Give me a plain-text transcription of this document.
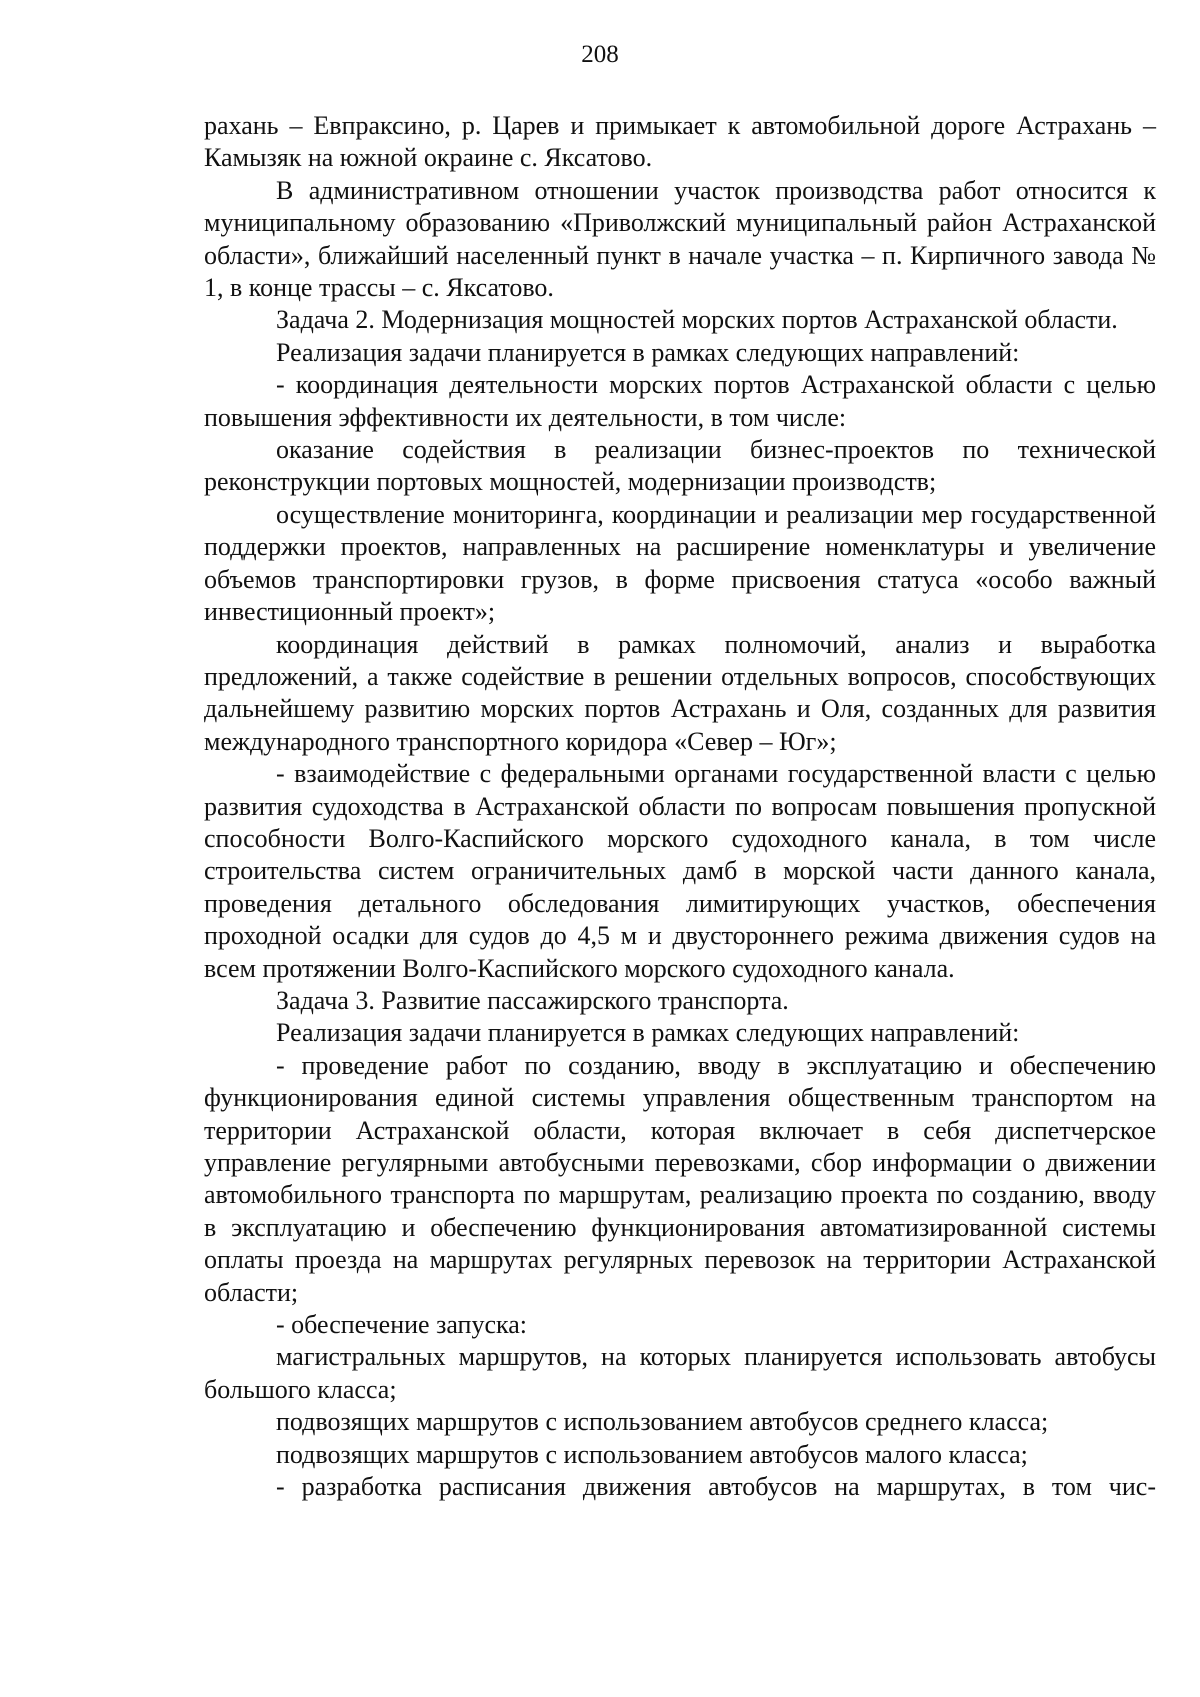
208

рахань – Евпраксино, р. Царев и примыкает к автомобильной дороге Астрахань – Камызяк на южной окраине с. Яксатово.

В административном отношении участок производства работ относится к муниципальному образованию «Приволжский муниципальный район Астраханской области», ближайший населенный пункт в начале участка – п. Кирпичного завода № 1, в конце трассы – с. Яксатово.

Задача 2. Модернизация мощностей морских портов Астраханской области.

Реализация задачи планируется в рамках следующих направлений:

- координация деятельности морских портов Астраханской области с целью повышения эффективности их деятельности, в том числе:

оказание содействия в реализации бизнес-проектов по технической реконструкции портовых мощностей, модернизации производств;

осуществление мониторинга, координации и реализации мер государственной поддержки проектов, направленных на расширение номенклатуры и увеличение объемов транспортировки грузов, в форме присвоения статуса «особо важный инвестиционный проект»;

координация действий в рамках полномочий, анализ и выработка предложений, а также содействие в решении отдельных вопросов, способствующих дальнейшему развитию морских портов Астрахань и Оля, созданных для развития международного транспортного коридора «Север – Юг»;

- взаимодействие с федеральными органами государственной власти с целью развития судоходства в Астраханской области по вопросам повышения пропускной способности Волго-Каспийского морского судоходного канала, в том числе строительства систем ограничительных дамб в морской части данного канала, проведения детального обследования лимитирующих участков, обеспечения проходной осадки для судов до 4,5 м и двустороннего режима движения судов на всем протяжении Волго-Каспийского морского судоходного канала.

Задача 3. Развитие пассажирского транспорта.

Реализация задачи планируется в рамках следующих направлений:

- проведение работ по созданию, вводу в эксплуатацию и обеспечению функционирования единой системы управления общественным транспортом на территории Астраханской области, которая включает в себя диспетчерское управление регулярными автобусными перевозками, сбор информации о движении автомобильного транспорта по маршрутам, реализацию проекта по созданию, вводу в эксплуатацию и обеспечению функционирования автоматизированной системы оплаты проезда на маршрутах регулярных перевозок на территории Астраханской области;

- обеспечение запуска:

магистральных маршрутов, на которых планируется использовать автобусы большого класса;

подвозящих маршрутов с использованием автобусов среднего класса;

подвозящих маршрутов с использованием автобусов малого класса;

- разработка расписания движения автобусов на маршрутах, в том чис-
